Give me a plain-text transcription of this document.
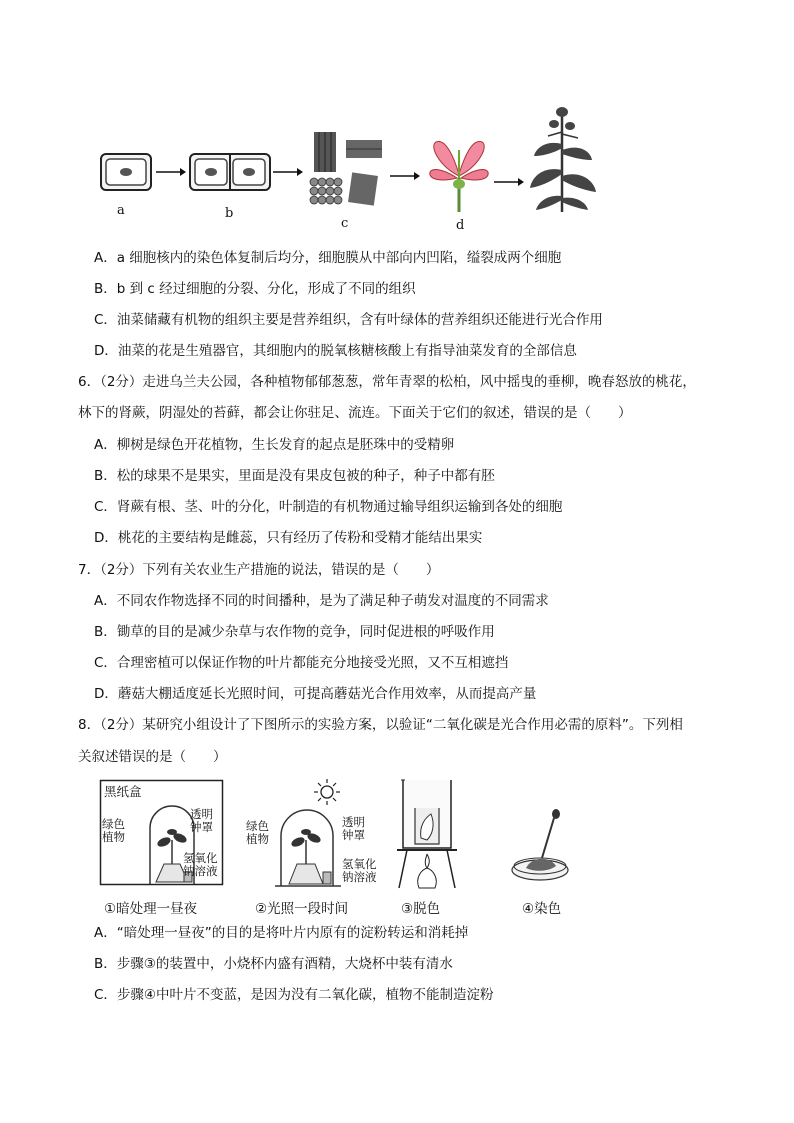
a	b
c	d
A．a 细胞核内的染色体复制后均分，细胞膜从中部向内凹陷，缢裂成两个细胞
B．b 到 c 经过细胞的分裂、分化，形成了不同的组织
C．油菜储藏有机物的组织主要是营养组织，含有叶绿体的营养组织还能进行光合作用
D．油菜的花是生殖器官，其细胞内的脱氧核糖核酸上有指导油菜发育的全部信息
6．（2分）走进乌兰夫公园，各种植物郁郁葱葱，常年青翠的松柏，风中摇曳的垂柳，晚春怒放的桃花，
林下的肾蕨，阴湿处的苔藓，都会让你驻足、流连。下面关于它们的叙述，错误的是（　　）
A．柳树是绿色开花植物，生长发育的起点是胚珠中的受精卵
B．松的球果不是果实，里面是没有果皮包被的种子，种子中都有胚
C．肾蕨有根、茎、叶的分化，叶制造的有机物通过输导组织运输到各处的细胞
D．桃花的主要结构是雌蕊，只有经历了传粉和受精才能结出果实
7．（2分）下列有关农业生产措施的说法，错误的是（　　）
A．不同农作物选择不同的时间播种，是为了满足种子萌发对温度的不同需求
B．锄草的目的是减少杂草与农作物的竞争，同时促进根的呼吸作用
C．合理密植可以保证作物的叶片都能充分地接受光照，又不互相遮挡
D．蘑菇大棚适度延长光照时间，可提高蘑菇光合作用效率，从而提高产量
8．（2分）某研究小组设计了下图所示的实验方案，以验证“二氧化碳是光合作用必需的原料”。下列相
关叙述错误的是（　　）
黑纸盒
绿色
植物
透明
钟罩
氢氧化
钠溶液
绿色
植物
透明
钟罩
氢氧化
钠溶液
①暗处理一昼夜	②光照一段时间	③脱色	④染色
A．“暗处理一昼夜”的目的是将叶片内原有的淀粉转运和消耗掉
B．步骤③的装置中，小烧杯内盛有酒精，大烧杯中装有清水
C．步骤④中叶片不变蓝，是因为没有二氧化碳，植物不能制造淀粉
